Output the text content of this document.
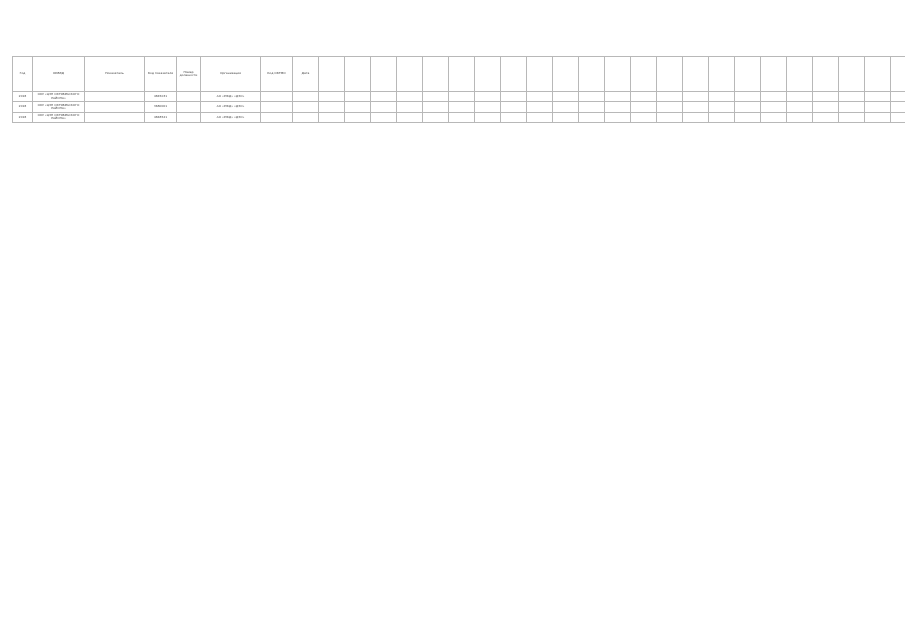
Год	ОКВЭД	Показатель	Код показателя	Номер должности	Организация	Код ОКТМО	Дата																							
2018	ОКУ «ЦЗН ОКТЯБРЬСКОГО РАЙОНА»		4845031		АО «РЖД» «ДЗО»																									
2018	ОКУ «ЦЗН ОКТЯБРЬСКОГО РАЙОНА»		3680001		АО «РЖД» «ДЗО»																									
2018	ОКУ «ЦЗН ОКТЯБРЬСКОГО РАЙОНА»		4848521		АО «РЖД» «ДЗО»																									
